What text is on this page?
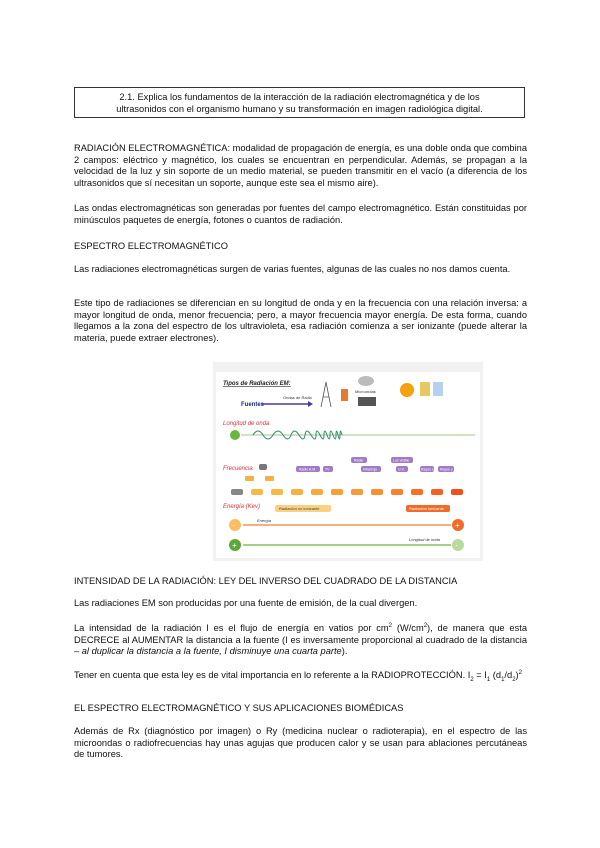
2.1. Explica los fundamentos de la interacción de la radiación electromagnética y de los
ultrasonidos con el organismo humano y su transformación en imagen radiológica digital.
RADIACIÓN ELECTROMAGNÉTICA: modalidad de propagación de energía, es una doble onda que combina 2 campos: eléctrico y magnético, los cuales se encuentran en perpendicular. Además, se propagan a la velocidad de la luz y sin soporte de un medio material, se pueden transmitir en el vacío (a diferencia de los ultrasonidos que sí necesitan un soporte, aunque este sea el mismo aire).
Las ondas electromagnéticas son generadas por fuentes del campo electromagnético. Están constituidas por minúsculos paquetes de energía, fotones o cuantos de radiación.
ESPECTRO ELECTROMAGNÉTICO
Las radiaciones electromagnéticas surgen de varias fuentes, algunas de las cuales no nos damos cuenta.
Este tipo de radiaciones se diferencian en su longitud de onda y en la frecuencia con una relación inversa: a mayor longitud de onda, menor frecuencia; pero, a mayor frecuencia mayor energía. De esta forma, cuando llegamos a la zona del espectro de los ultravioleta, esa radiación comienza a ser ionizante (puede alterar la materia, puede extraer electrones).
Tipos de Radiación EM:
Fuentes
Longitud de onda
Frecuencia
Energía (Kev)
Ondas de Radio
Microondas
Radio A.M	TV
Radar
Infrarrojo
Luz visible
U.V.	Rayos x Rayos γ
Radiación no ionizante	Radiación ionizante
-
Energía
+
+
Longitud de onda
-
INTENSIDAD DE LA RADIACIÓN: LEY DEL INVERSO DEL CUADRADO DE LA DISTANCIA
Las radiaciones EM son producidas por una fuente de emisión, de la cual divergen.
La intensidad de la radiación I es el flujo de energía en vatios por $cm^2$ $(W/cm^2)$, de manera que esta DECRECE al AUMENTAR la distancia a la fuente (I es inversamente proporcional al cuadrado de la distancia – al duplicar la distancia a la fuente, I disminuye una cuarta parte).
Tener en cuenta que esta ley es de vital importancia en lo referente a la RADIOPROTECCIÓN. $I_2 = I_1$ $(d_1/d_2)^2$
EL ESPECTRO ELECTROMAGNÉTICO Y SUS APLICACIONES BIOMÉDICAS
Además de Rx (diagnóstico por imagen) o Ry (medicina nuclear o radioterapia), en el espectro de las microondas o radiofrecuencias hay unas agujas que producen calor y se usan para ablaciones percutáneas de tumores.
